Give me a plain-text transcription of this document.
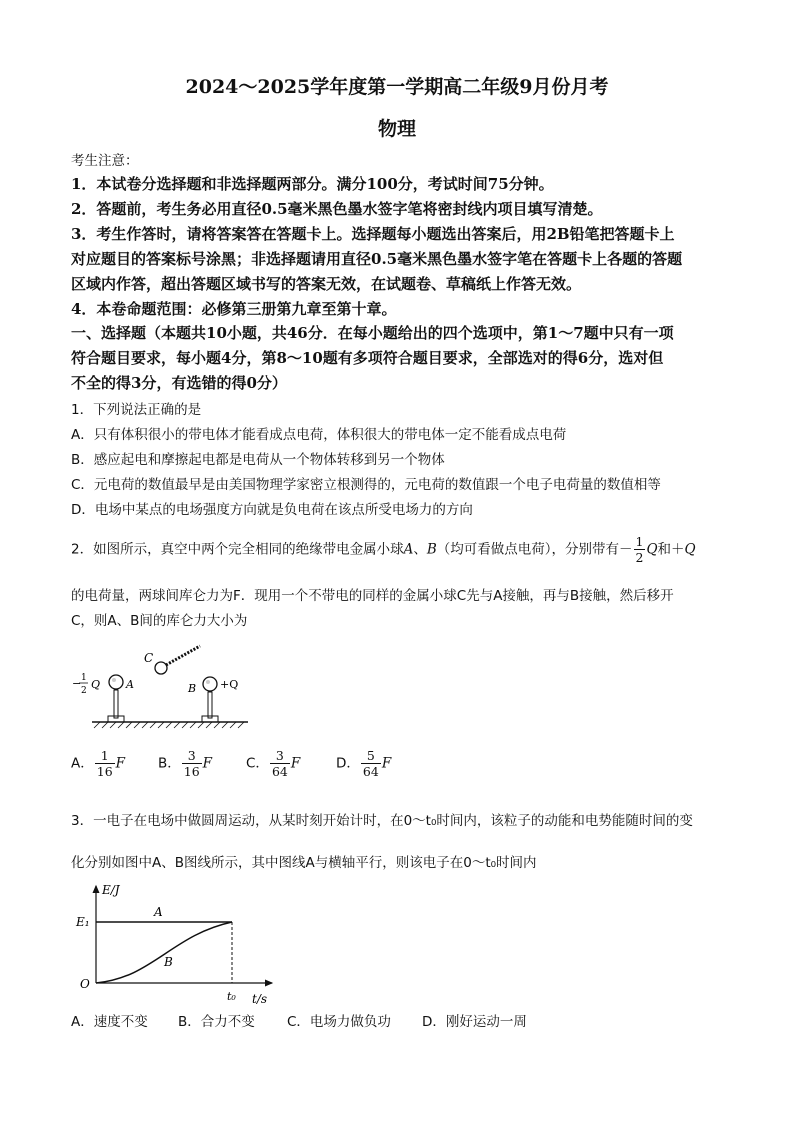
2024～2025学年度第一学期高二年级9月份月考
物理
考生注意：
1．本试卷分选择题和非选择题两部分。满分100分，考试时间75分钟。
2．答题前，考生务必用直径0.5毫米黑色墨水签字笔将密封线内项目填写清楚。
3．考生作答时，请将答案答在答题卡上。选择题每小题选出答案后，用2B铅笔把答题卡上
对应题目的答案标号涂黑；非选择题请用直径0.5毫米黑色墨水签字笔在答题卡上各题的答题
区域内作答，超出答题区域书写的答案无效，在试题卷、草稿纸上作答无效。
4．本卷命题范围：必修第三册第九章至第十章。
一、选择题（本题共10小题，共46分．在每小题给出的四个选项中，第1～7题中只有一项
符合题目要求，每小题4分，第8～10题有多项符合题目要求，全部选对的得6分，选对但
不全的得3分，有选错的得0分）
1．下列说法正确的是
A．只有体积很小的带电体才能看成点电荷，体积很大的带电体一定不能看成点电荷
B．感应起电和摩擦起电都是电荷从一个物体转移到另一个物体
C．元电荷的数值最早是由美国物理学家密立根测得的，元电荷的数值跟一个电子电荷量的数值相等
D．电场中某点的电场强度方向就是负电荷在该点所受电场力的方向
2．如图所示，真空中两个完全相同的绝缘带电金属小球A、B（均可看做点电荷），分别带有－ $\frac{1}{2}$ Q和＋Q
的电荷量，两球间库仑力为F．现用一个不带电的同样的金属小球C先与A接触，再与B接触，然后移开
C，则A、B间的库仑力大小为
C
A	B +Q
− 1
2 Q
A． $\frac{1}{16}$ F B． $\frac{3}{16}$ F	C． $\frac{3}{64}$ F	D． $\frac{5}{64}$ F
3．一电子在电场中做圆周运动，从某时刻开始计时，在0～t₀时间内，该粒子的动能和电势能随时间的变
化分别如图中A、B图线所示，其中图线A与横轴平行，则该电子在0～t₀时间内
E/J
t/s
O
E₁
t₀
A
B
A．速度不变 B．合力不变 C．电场力做负功 D．刚好运动一周
